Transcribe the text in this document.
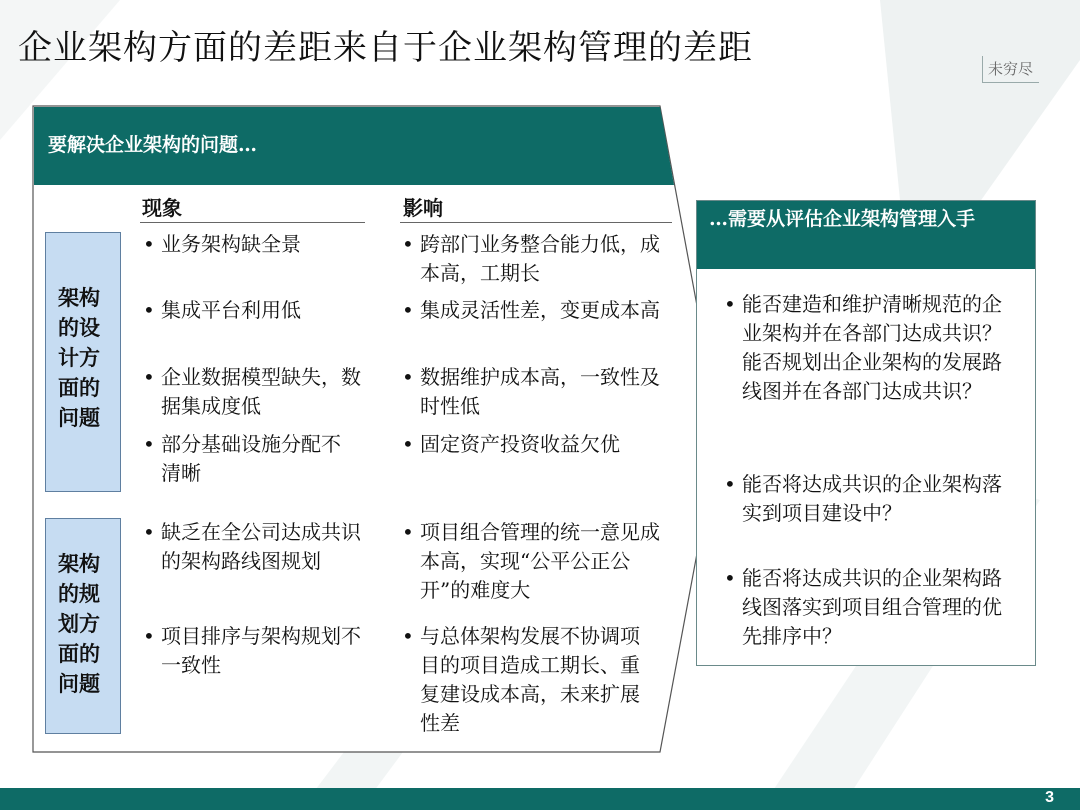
企业架构方面的差距来自于企业架构管理的差距
未穷尽
要解决企业架构的问题…
现象	影响
架构
的设
计方
面的
问题
架构
的规
划方
面的
问题
• 业务架构缺全景
• 集成平台利用低
• 企业数据模型缺失，数据集成度低
• 部分基础设施分配不清晰
• 跨部门业务整合能力低，成本高，工期长
• 集成灵活性差，变更成本高
• 数据维护成本高，一致性及时性低
• 固定资产投资收益欠优
• 缺乏在全公司达成共识的架构路线图规划
• 项目排序与架构规划不一致性
• 项目组合管理的统一意见成本高，实现“公平公正公开”的难度大
• 与总体架构发展不协调项目的项目造成工期长、重复建设成本高，未来扩展性差
…需要从评估企业架构管理入手
• 能否建造和维护清晰规范的企业架构并在各部门达成共识？能否规划出企业架构的发展路线图并在各部门达成共识？
• 能否将达成共识的企业架构落实到项目建设中？
• 能否将达成共识的企业架构路线图落实到项目组合管理的优先排序中？
3
